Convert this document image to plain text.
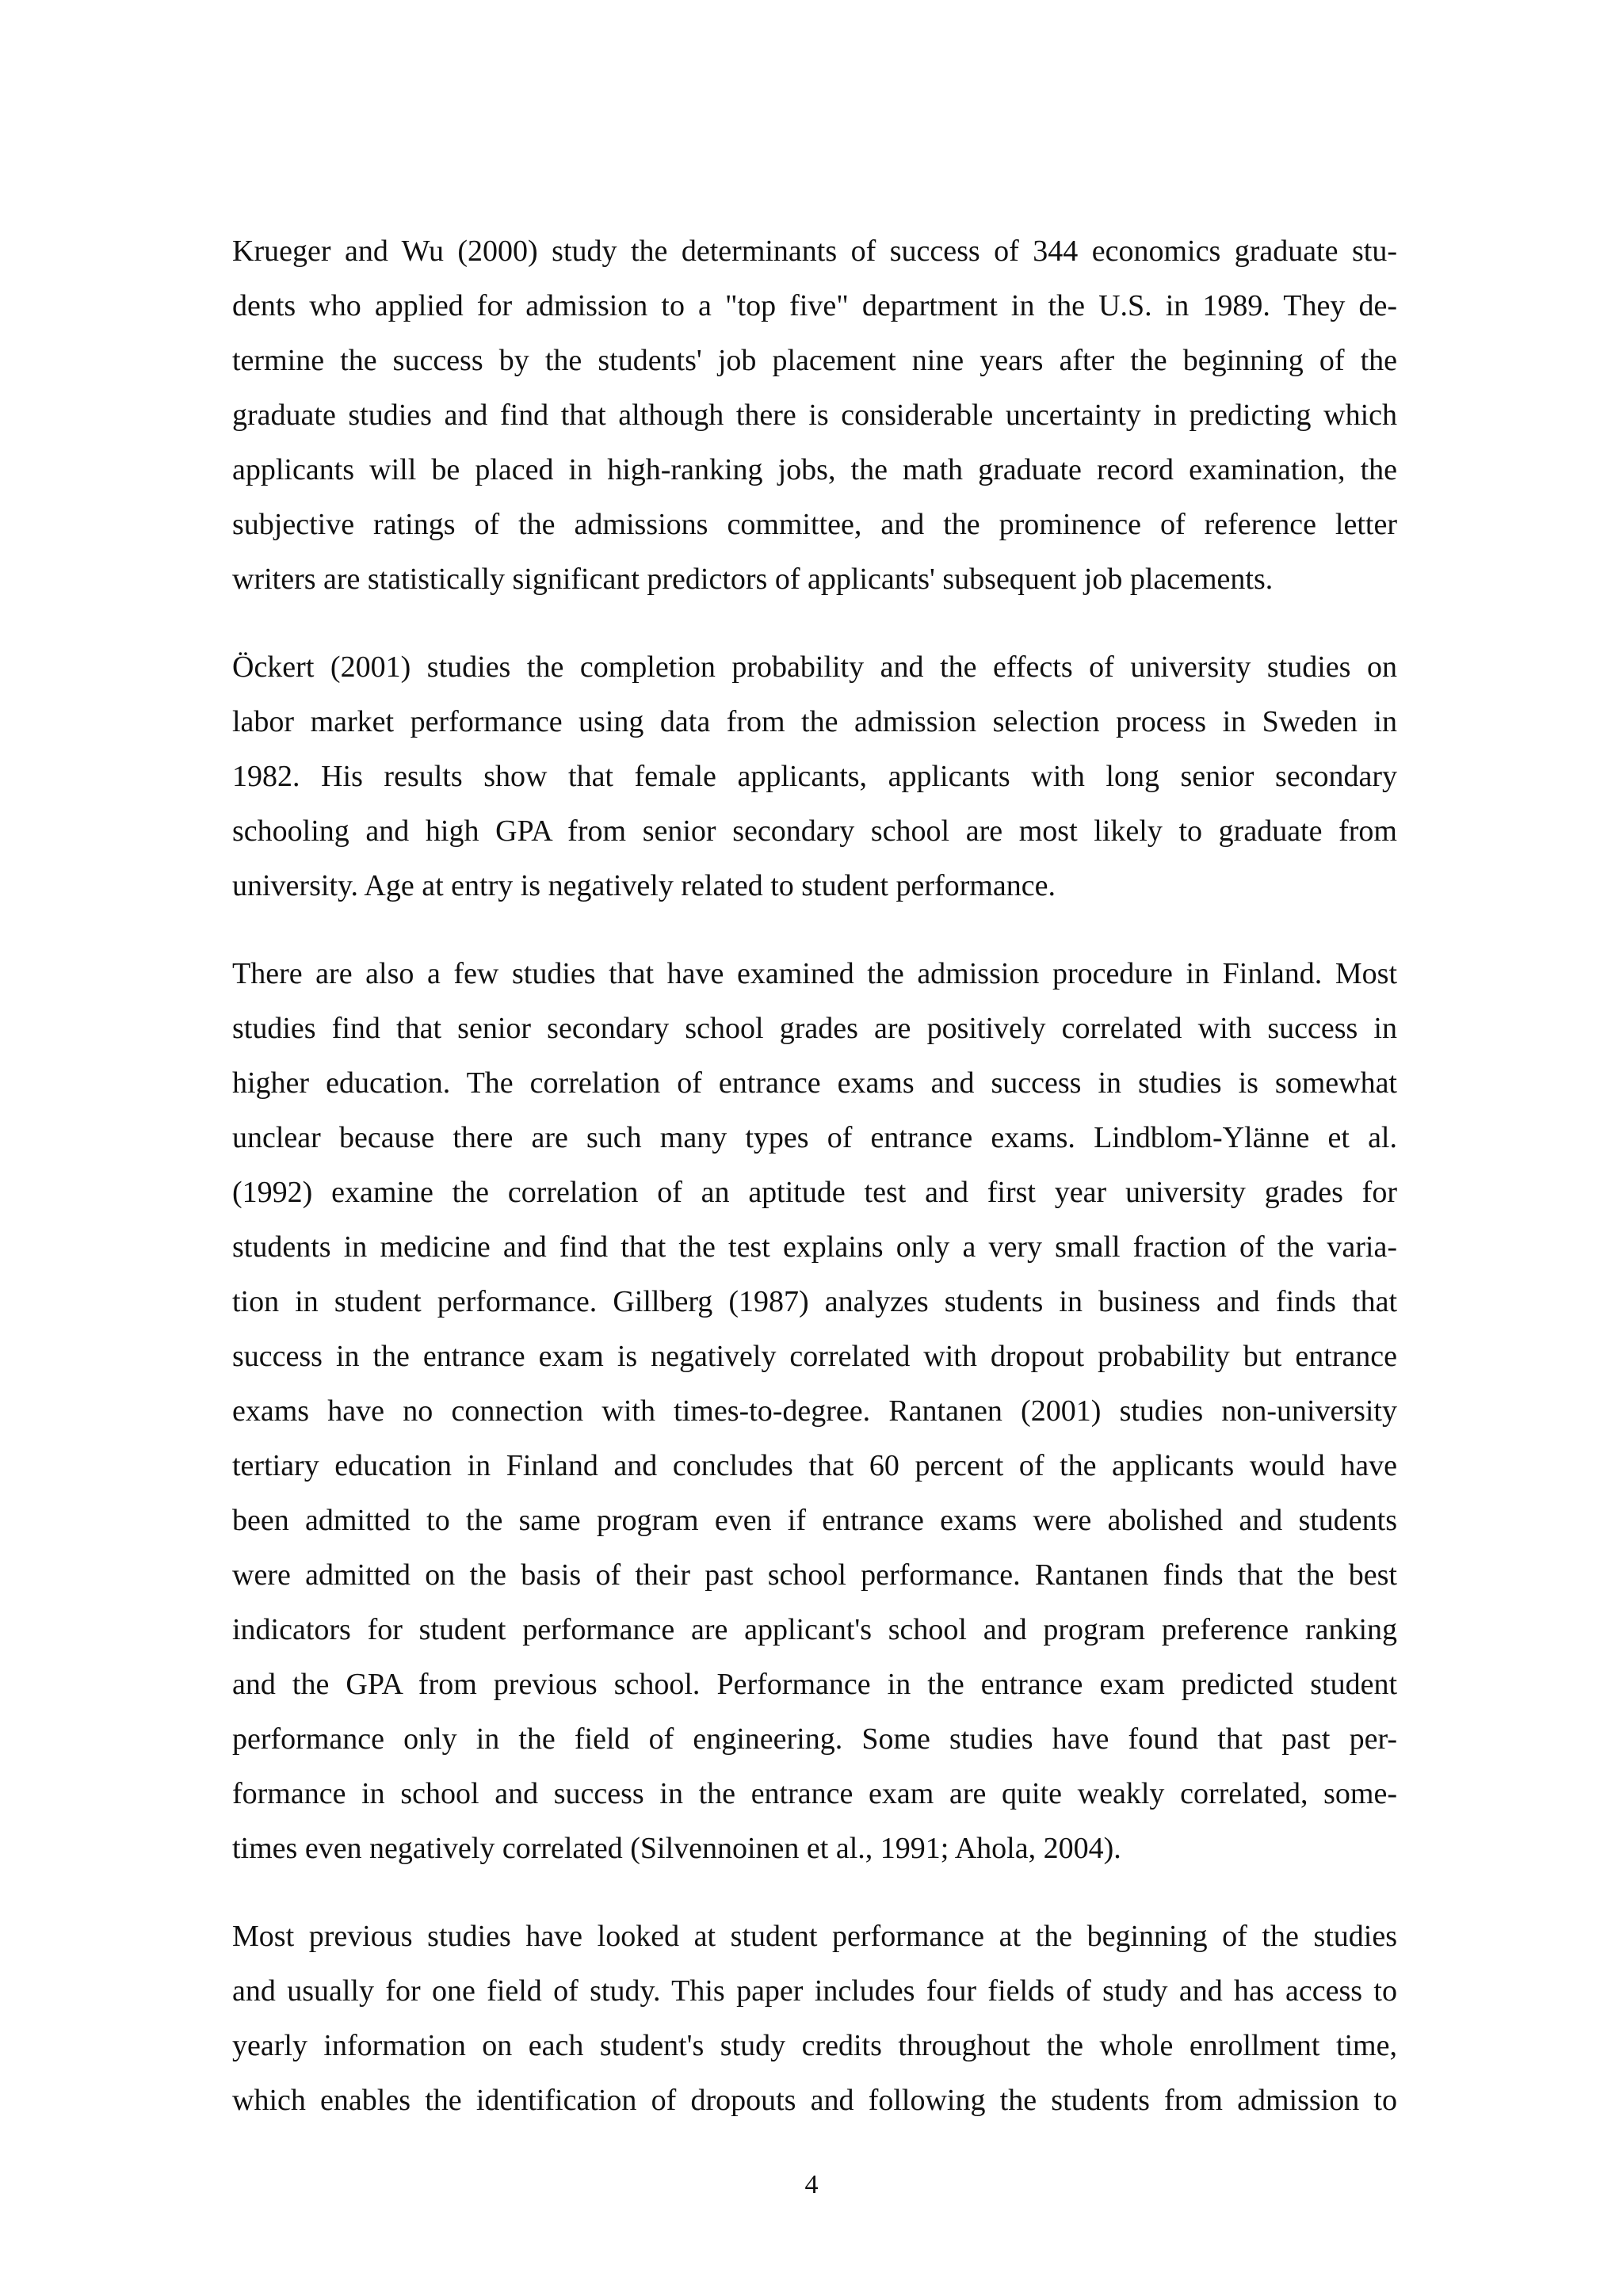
Krueger and Wu (2000) study the determinants of success of 344 economics graduate stu-
dents who applied for admission to a "top five" department in the U.S. in 1989. They de-
termine the success by the students' job placement nine years after the beginning of the
graduate studies and find that although there is considerable uncertainty in predicting which
applicants will be placed in high-ranking jobs, the math graduate record examination, the
subjective ratings of the admissions committee, and the prominence of reference letter
writers are statistically significant predictors of applicants' subsequent job placements.

Öckert (2001) studies the completion probability and the effects of university studies on
labor market performance using data from the admission selection process in Sweden in
1982. His results show that female applicants, applicants with long senior secondary
schooling and high GPA from senior secondary school are most likely to graduate from
university. Age at entry is negatively related to student performance.

There are also a few studies that have examined the admission procedure in Finland. Most
studies find that senior secondary school grades are positively correlated with success in
higher education. The correlation of entrance exams and success in studies is somewhat
unclear because there are such many types of entrance exams. Lindblom-Ylänne et al.
(1992) examine the correlation of an aptitude test and first year university grades for
students in medicine and find that the test explains only a very small fraction of the varia-
tion in student performance. Gillberg (1987) analyzes students in business and finds that
success in the entrance exam is negatively correlated with dropout probability but entrance
exams have no connection with times-to-degree. Rantanen (2001) studies non-university
tertiary education in Finland and concludes that 60 percent of the applicants would have
been admitted to the same program even if entrance exams were abolished and students
were admitted on the basis of their past school performance. Rantanen finds that the best
indicators for student performance are applicant's school and program preference ranking
and the GPA from previous school. Performance in the entrance exam predicted student
performance only in the field of engineering. Some studies have found that past per-
formance in school and success in the entrance exam are quite weakly correlated, some-
times even negatively correlated (Silvennoinen et al., 1991; Ahola, 2004).

Most previous studies have looked at student performance at the beginning of the studies
and usually for one field of study. This paper includes four fields of study and has access to
yearly information on each student's study credits throughout the whole enrollment time,
which enables the identification of dropouts and following the students from admission to

4
